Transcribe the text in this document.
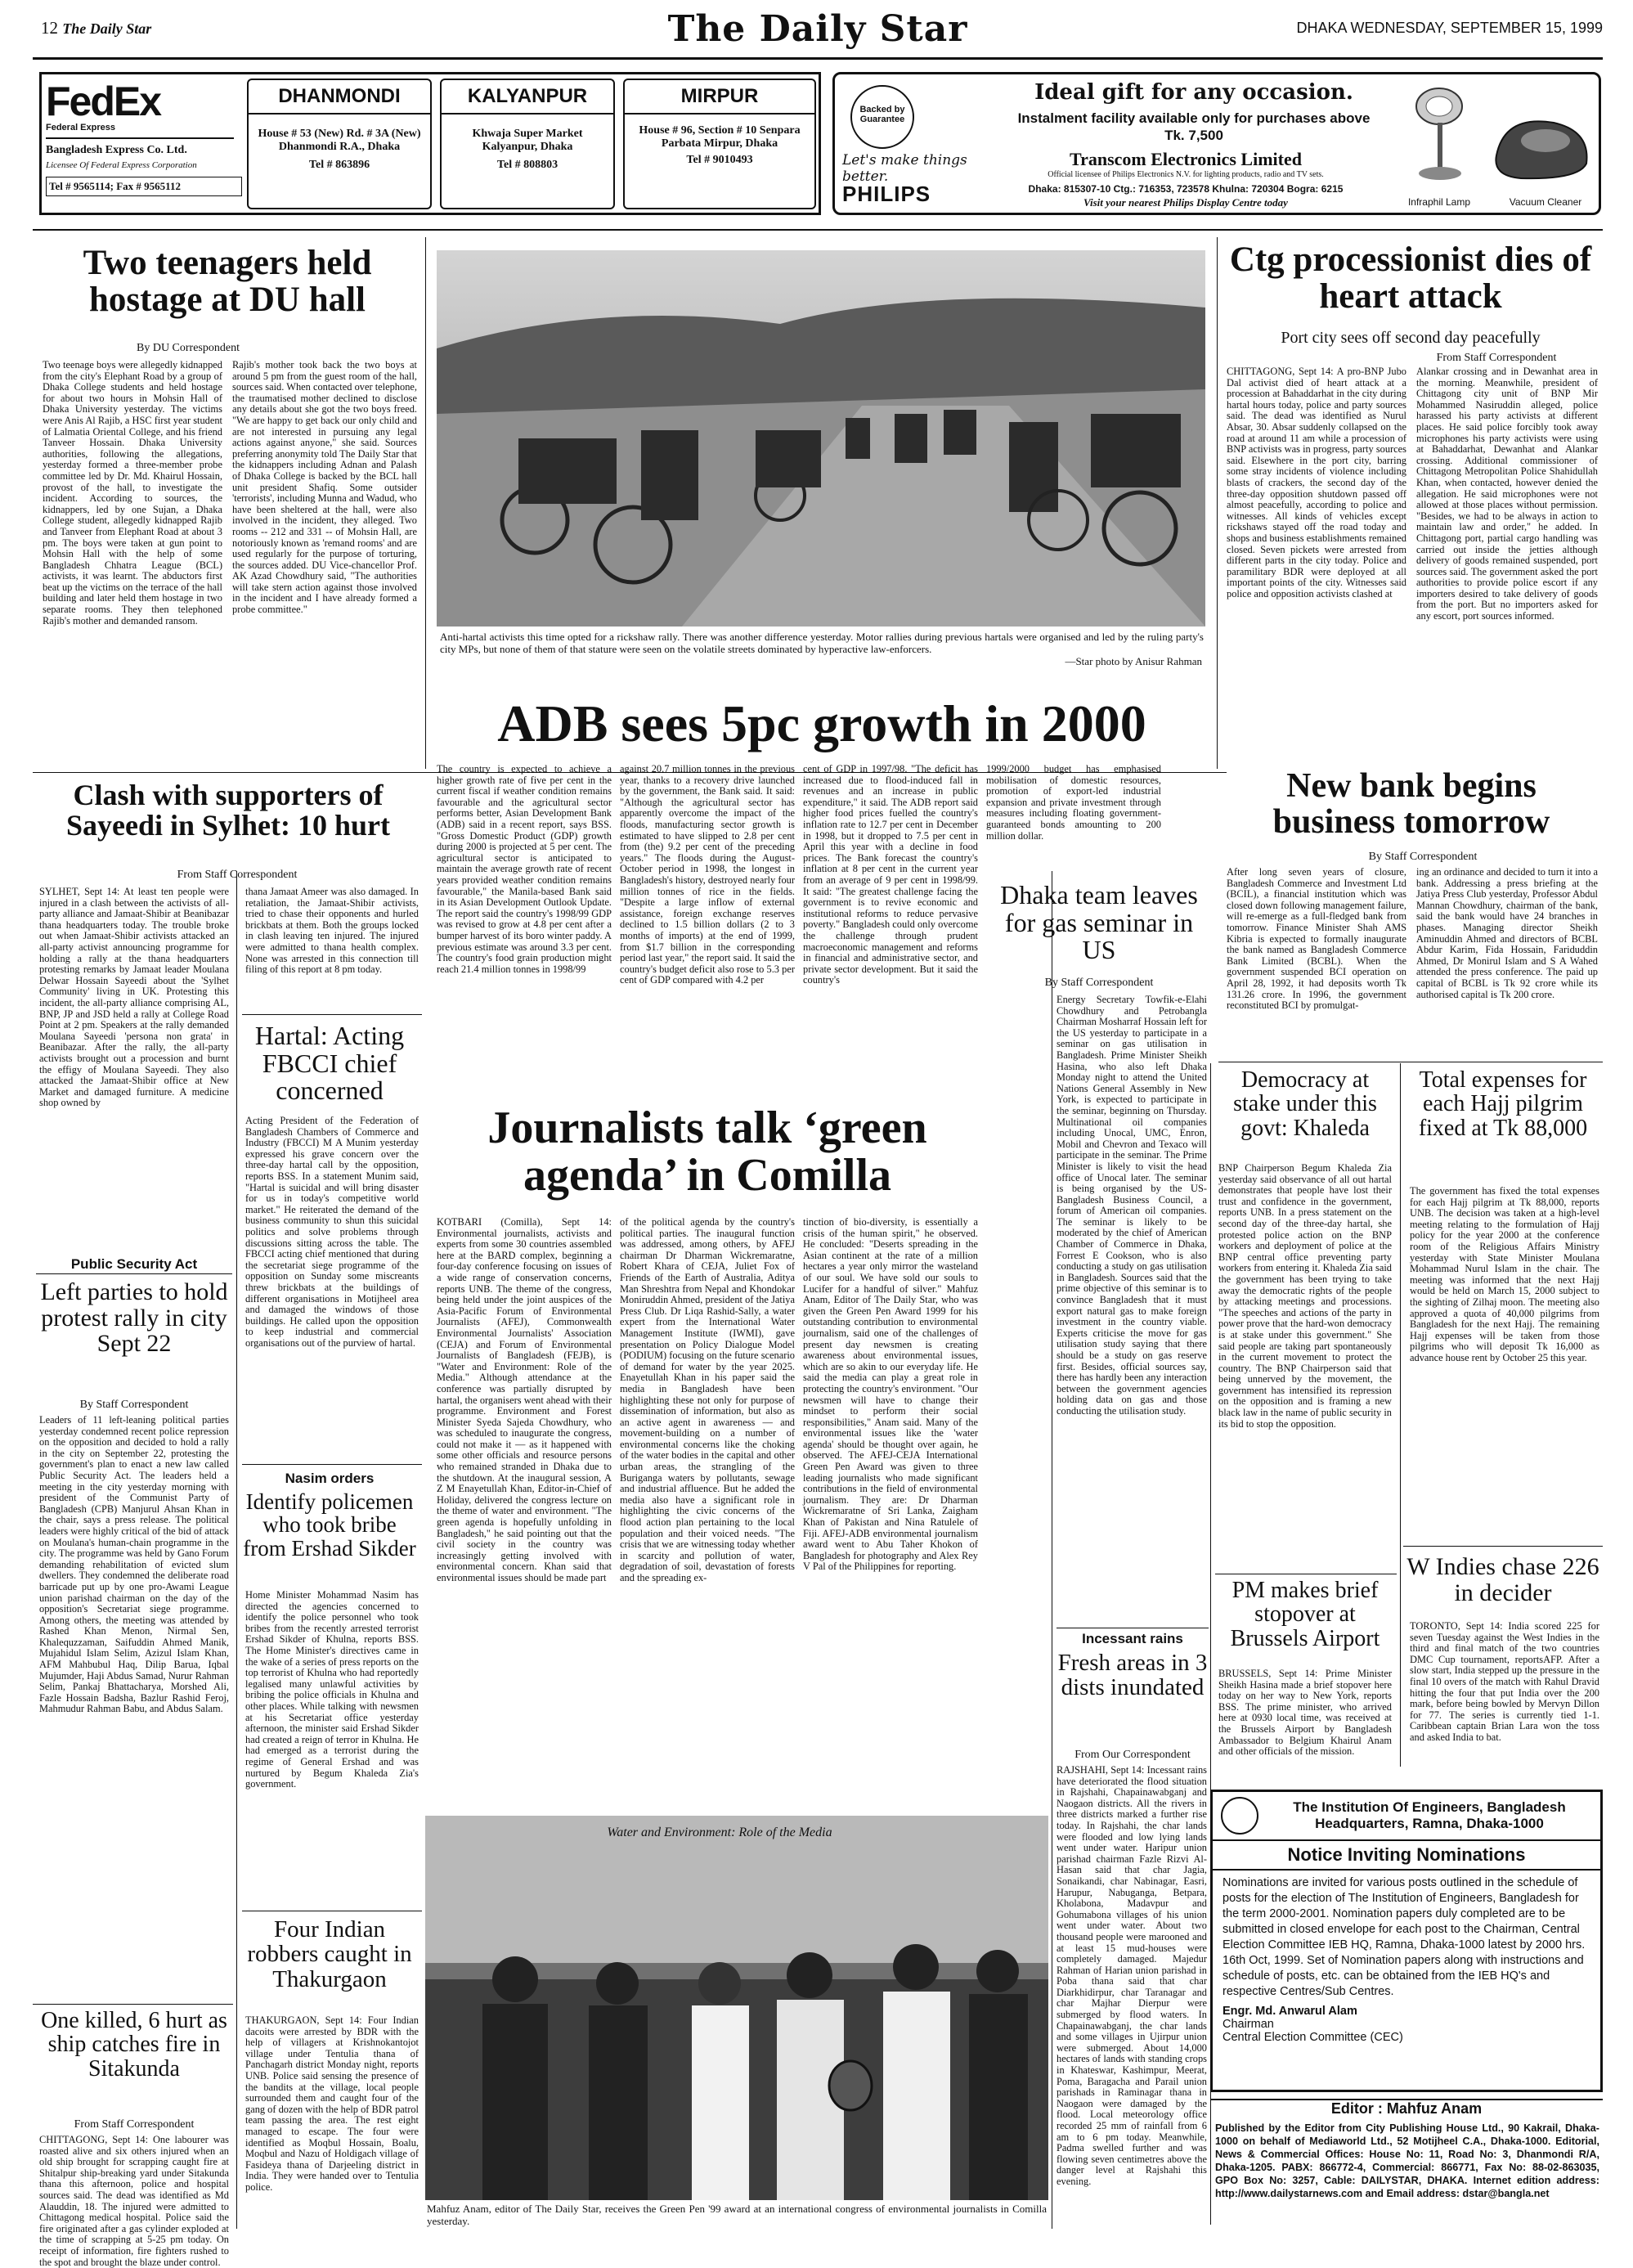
12 The Daily Star	The Daily Star	DHAKA WEDNESDAY, SEPTEMBER 15, 1999
FedEx
Federal Express
Bangladesh Express Co. Ltd.
Licensee Of Federal Express Corporation
Tel # 9565114; Fax # 9565112
DHANMONDI
House # 53 (New) Rd. # 3A (New) Dhanmondi R.A., Dhaka
Tel # 863896
KALYANPUR
Khwaja Super Market Kalyanpur, Dhaka
Tel # 808803
MIRPUR
House # 96, Section # 10 Senpara Parbata Mirpur, Dhaka
Tel # 9010493
Backed by Guarantee
Let's make things better.
PHILIPS
Ideal gift for any occasion.
Instalment facility available only for purchases above Tk. 7,500
Transcom Electronics Limited
Official licensee of Philips Electronics N.V. for lighting products, radio and TV sets.
Dhaka: 815307-10 Ctg.: 716353, 723578 Khulna: 720304 Bogra: 6215
Visit your nearest Philips Display Centre today	Infraphil Lamp	Vacuum Cleaner
Two teenagers held hostage at DU hall
By DU Correspondent
Two teenage boys were allegedly kidnapped from the city's Elephant Road by a group of Dhaka College students and held hostage for about two hours in Mohsin Hall of Dhaka University yesterday. The victims were Anis Al Rajib, a HSC first year student of Lalmatia Oriental College, and his friend Tanveer Hossain. Dhaka University authorities, following the allegations, yesterday formed a three-member probe committee led by Dr. Md. Khairul Hossain, provost of the hall, to investigate the incident. According to sources, the kidnappers, led by one Sujan, a Dhaka College student, allegedly kidnapped Rajib and Tanveer from Elephant Road at about 3 pm. The boys were taken at gun point to Mohsin Hall with the help of some Bangladesh Chhatra League (BCL) activists, it was learnt. The abductors first beat up the victims on the terrace of the hall building and later held them hostage in two separate rooms. They then telephoned Rajib's mother and demanded ransom.
Rajib's mother took back the two boys at around 5 pm from the guest room of the hall, sources said. When contacted over telephone, the traumatised mother declined to disclose any details about she got the two boys freed. "We are happy to get back our only child and are not interested in pursuing any legal actions against anyone," she said. Sources preferring anonymity told The Daily Star that the kidnappers including Adnan and Palash of Dhaka College is backed by the BCL hall unit president Shafiq. Some outsider 'terrorists', including Munna and Wadud, who have been sheltered at the hall, were also involved in the incident, they alleged. Two rooms -- 212 and 331 -- of Mohsin Hall, are notoriously known as 'remand rooms' and are used regularly for the purpose of torturing, the sources added. DU Vice-chancellor Prof. AK Azad Chowdhury said, "The authorities will take stern action against those involved in the incident and I have already formed a probe committee."
Anti-hartal activists this time opted for a rickshaw rally. There was another difference yesterday. Motor rallies during previous hartals were organised and led by the ruling party's city MPs, but none of them of that stature were seen on the volatile streets dominated by hyperactive law-enforcers.
—Star photo by Anisur Rahman
Ctg processionist dies of heart attack
Port city sees off second day peacefully
From Staff Correspondent
CHITTAGONG, Sept 14: A pro-BNP Jubo Dal activist died of heart attack at a procession at Bahaddarhat in the city during hartal hours today, police and party sources said. The dead was identified as Nurul Absar, 30. Absar suddenly collapsed on the road at around 11 am while a procession of BNP activists was in progress, party sources said. Elsewhere in the port city, barring some stray incidents of violence including blasts of crackers, the second day of the three-day opposition shutdown passed off almost peacefully, according to police and witnesses. All kinds of vehicles except rickshaws stayed off the road today and shops and business establishments remained closed. Seven pickets were arrested from different parts in the city today. Police and paramilitary BDR were deployed at all important points of the city. Witnesses said police and opposition activists clashed at
Alankar crossing and in Dewanhat area in the morning. Meanwhile, president of Chittagong city unit of BNP Mir Mohammed Nasiruddin alleged, police harassed his party activists at different places. He said police forcibly took away microphones his party activists were using at Bahaddarhat, Dewanhat and Alankar crossing. Additional commissioner of Chittagong Metropolitan Police Shahidullah Khan, when contacted, however denied the allegation. He said microphones were not allowed at those places without permission. "Besides, we had to be always in action to maintain law and order," he added. In Chittagong port, partial cargo handling was carried out inside the jetties although delivery of goods remained suspended, port sources said. The government asked the port authorities to provide police escort if any importers desired to take delivery of goods from the port. But no importers asked for any escort, port sources informed.
ADB sees 5pc growth in 2000
The country is expected to achieve a higher growth rate of five per cent in the current fiscal if weather condition remains favourable and the agricultural sector performs better, Asian Development Bank (ADB) said in a recent report, says BSS. "Gross Domestic Product (GDP) growth during 2000 is projected at 5 per cent. The agricultural sector is anticipated to maintain the average growth rate of recent years provided weather condition remains favourable," the Manila-based Bank said in its Asian Development Outlook Update. The report said the country's 1998/99 GDP was revised to grow at 4.8 per cent after a bumper harvest of its boro winter paddy. A previous estimate was around 3.3 per cent. The country's food grain production might reach 21.4 million tonnes in 1998/99
against 20.7 million tonnes in the previous year, thanks to a recovery drive launched by the government, the Bank said. It said: "Although the agricultural sector has apparently overcome the impact of the floods, manufacturing sector growth is estimated to have slipped to 2.8 per cent from (the) 9.2 per cent of the preceding years." The floods during the August-October period in 1998, the longest in Bangladesh's history, destroyed nearly four million tonnes of rice in the fields. "Despite a large inflow of external assistance, foreign exchange reserves declined to 1.5 billion dollars (2 to 3 months of imports) at the end of 1999, from $1.7 billion in the corresponding period last year," the report said. It said the country's budget deficit also rose to 5.3 per cent of GDP compared with 4.2 per
cent of GDP in 1997/98. "The deficit has increased due to flood-induced fall in revenues and an increase in public expenditure," it said. The ADB report said higher food prices fuelled the country's inflation rate to 12.7 per cent in December in 1998, but it dropped to 7.5 per cent in April this year with a decline in food prices. The Bank forecast the country's inflation at 8 per cent in the current year from an average of 9 per cent in 1998/99. It said: "The greatest challenge facing the government is to revive economic and institutional reforms to reduce pervasive poverty." Bangladesh could only overcome the challenge through prudent macroeconomic management and reforms in financial and administrative sector, and private sector development. But it said the country's
1999/2000 budget has emphasised mobilisation of domestic resources, promotion of export-led industrial expansion and private investment through measures including floating government-guaranteed bonds amounting to 200 million dollar.
Dhaka team leaves for gas seminar in US
By Staff Correspondent
Energy Secretary Towfik-e-Elahi Chowdhury and Petrobangla Chairman Mosharraf Hossain left for the US yesterday to participate in a seminar on gas utilisation in Bangladesh. Prime Minister Sheikh Hasina, who also left Dhaka Monday night to attend the United Nations General Assembly in New York, is expected to participate in the seminar, beginning on Thursday. Multinational oil companies including Unocal, UMC, Enron, Mobil and Chevron and Texaco will participate in the seminar. The Prime Minister is likely to visit the head office of Unocal later. The seminar is being organised by the US-Bangladesh Business Council, a forum of American oil companies. The seminar is likely to be moderated by the chief of American Chamber of Commerce in Dhaka, Forrest E Cookson, who is also conducting a study on gas utilisation in Bangladesh. Sources said that the prime objective of this seminar is to convince Bangladesh that it must export natural gas to make foreign investment in the country viable. Experts criticise the move for gas utilisation study saying that there should be a study on gas reserve first. Besides, official sources say, there has hardly been any interaction between the government agencies holding data on gas and those conducting the utilisation study.
New bank begins business tomorrow
By Staff Correspondent
After long seven years of closure, Bangladesh Commerce and Investment Ltd (BCIL), a financial institution which was closed down following management failure, will re-emerge as a full-fledged bank from tomorrow. Finance Minister Shah AMS Kibria is expected to formally inaugurate the bank named as Bangladesh Commerce Bank Limited (BCBL). When the government suspended BCI operation on April 28, 1992, it had deposits worth Tk 131.26 crore. In 1996, the government reconstituted BCI by promulgat-
ing an ordinance and decided to turn it into a bank. Addressing a press briefing at the Jatiya Press Club yesterday, Professor Abdul Mannan Chowdhury, chairman of the bank, said the bank would have 24 branches in phases. Managing director Sheikh Aminuddin Ahmed and directors of BCBL Abdur Karim, Fida Hossain, Fariduddin Ahmed, Dr Monirul Islam and S A Wahed attended the press conference. The paid up capital of BCBL is Tk 92 crore while its authorised capital is Tk 200 crore.
Clash with supporters of Sayeedi in Sylhet: 10 hurt
From Staff Correspondent
SYLHET, Sept 14: At least ten people were injured in a clash between the activists of all-party alliance and Jamaat-Shibir at Beanibazar thana headquarters today. The trouble broke out when Jamaat-Shibir activists attacked an all-party activist announcing programme for holding a rally at the thana headquarters protesting remarks by Jamaat leader Moulana Delwar Hossain Sayeedi about the 'Sylhet Community' living in UK. Protesting this incident, the all-party alliance comprising AL, BNP, JP and JSD held a rally at College Road Point at 2 pm. Speakers at the rally demanded Moulana Sayeedi 'persona non grata' in Beanibazar. After the rally, the all-party activists brought out a procession and burnt the effigy of Moulana Sayeedi. They also attacked the Jamaat-Shibir office at New Market and damaged furniture. A medicine shop owned by
thana Jamaat Ameer was also damaged. In retaliation, the Jamaat-Shibir activists, tried to chase their opponents and hurled brickbats at them. Both the groups locked in clash leaving ten injured. The injured were admitted to thana health complex. None was arrested in this connection till filing of this report at 8 pm today.
Hartal: Acting FBCCI chief concerned
Acting President of the Federation of Bangladesh Chambers of Commerce and Industry (FBCCI) M A Munim yesterday expressed his grave concern over the three-day hartal call by the opposition, reports BSS. In a statement Munim said, "Hartal is suicidal and will bring disaster for us in today's competitive world market." He reiterated the demand of the business community to shun this suicidal politics and solve problems through discussions sitting across the table. The FBCCI acting chief mentioned that during the secretariat siege programme of the opposition on Sunday some miscreants threw brickbats at the buildings of different organisations in Motijheel area and damaged the windows of those buildings. He called upon the opposition to keep industrial and commercial organisations out of the purview of hartal.
Public Security Act
Left parties to hold protest rally in city Sept 22
By Staff Correspondent
Leaders of 11 left-leaning political parties yesterday condemned recent police repression on the opposition and decided to hold a rally in the city on September 22, protesting the government's plan to enact a new law called Public Security Act. The leaders held a meeting in the city yesterday morning with president of the Communist Party of Bangladesh (CPB) Manjurul Ahsan Khan in the chair, says a press release. The political leaders were highly critical of the bid of attack on Moulana's human-chain programme in the city. The programme was held by Gano Forum demanding rehabilitation of evicted slum dwellers. They condemned the deliberate road barricade put up by one pro-Awami League union parishad chairman on the day of the opposition's Secretariat siege programme. Among others, the meeting was attended by Rashed Khan Menon, Nirmal Sen, Khalequzzaman, Saifuddin Ahmed Manik, Mujahidul Islam Selim, Azizul Islam Khan, AFM Mahbubul Haq, Dilip Barua, Iqbal Mujumder, Haji Abdus Samad, Nurur Rahman Selim, Pankaj Bhattacharya, Morshed Ali, Fazle Hossain Badsha, Bazlur Rashid Feroj, Mahmudur Rahman Babu, and Abdus Salam.
Nasim orders
Identify policemen who took bribe from Ershad Sikder
Home Minister Mohammad Nasim has directed the agencies concerned to identify the police personnel who took bribes from the recently arrested terrorist Ershad Sikder of Khulna, reports BSS. The Home Minister's directives came in the wake of a series of press reports on the top terrorist of Khulna who had reportedly legalised many unlawful activities by bribing the police officials in Khulna and other places. While talking with newsmen at his Secretariat office yesterday afternoon, the minister said Ershad Sikder had created a reign of terror in Khulna. He had emerged as a terrorist during the regime of General Ershad and was nurtured by Begum Khaleda Zia's government.
One killed, 6 hurt as ship catches fire in Sitakunda
From Staff Correspondent
CHITTAGONG, Sept 14: One labourer was roasted alive and six others injured when an old ship brought for scrapping caught fire at Shitalpur ship-breaking yard under Sitakunda thana this afternoon, police and hospital sources said. The dead was identified as Md Alauddin, 18. The injured were admitted to Chittagong medical hospital. Police said the fire originated after a gas cylinder exploded at the time of scrapping at 5-25 pm today. On receipt of information, fire fighters rushed to the spot and brought the blaze under control.
Four Indian robbers caught in Thakurgaon
THAKURGAON, Sept 14: Four Indian dacoits were arrested by BDR with the help of villagers at Krishnokantojot village under Tentulia thana of Panchagarh district Monday night, reports UNB. Police said sensing the presence of the bandits at the village, local people surrounded them and caught four of the gang of dozen with the help of BDR patrol team passing the area. The rest eight managed to escape. The four were identified as Moqbul Hossain, Boalu, Moqbul and Nazu of Holdigach village of Fasideya thana of Darjeeling district in India. They were handed over to Tentulia police.
Journalists talk ‘green agenda’ in Comilla
KOTBARI (Comilla), Sept 14: Environmental journalists, activists and experts from some 30 countries assembled here at the BARD complex, beginning a four-day conference focusing on issues of a wide range of conservation concerns, reports UNB. The theme of the congress, being held under the joint auspices of the Asia-Pacific Forum of Environmental Journalists (AFEJ), Commonwealth Environmental Journalists' Association (CEJA) and Forum of Environmental Journalists of Bangladesh (FEJB), is "Water and Environment: Role of the Media." Although attendance at the conference was partially disrupted by hartal, the organisers went ahead with their programme. Environment and Forest Minister Syeda Sajeda Chowdhury, who was scheduled to inaugurate the congress, could not make it — as it happened with some other officials and resource persons who remained stranded in Dhaka due to the shutdown. At the inaugural session, A Z M Enayetullah Khan, Editor-in-Chief of Holiday, delivered the congress lecture on the theme of water and environment. "The green agenda is hopefully unfolding in Bangladesh," he said pointing out that the civil society in the country was increasingly getting involved with environmental concern. Khan said that environmental issues should be made part
of the political agenda by the country's political parties. The inaugural function was addressed, among others, by AFEJ chairman Dr Dharman Wickremaratne, Robert Khara of CEJA, Juliet Fox of Friends of the Earth of Australia, Aditya Man Shreshtra from Nepal and Khondokar Moniruddin Ahmed, president of the Jatiya Press Club. Dr Liqa Rashid-Sally, a water expert from the International Water Management Institute (IWMI), gave presentation on Policy Dialogue Model (PODIUM) focusing on the future scenario of demand for water by the year 2025. Enayetullah Khan in his paper said the media in Bangladesh have been highlighting these not only for purpose of dissemination of information, but also as an active agent in awareness — and movement-building on a number of environmental concerns like the choking of the water bodies in the capital and other urban areas, the strangling of the Buriganga waters by pollutants, sewage and industrial affluence. But he added the media also have a significant role in highlighting the civic concerns of the flood action plan pertaining to the local population and their voiced needs. "The crisis that we are witnessing today whether in scarcity and pollution of water, degradation of soil, devastation of forests and the spreading ex-
tinction of bio-diversity, is essentially a crisis of the human spirit," he observed. He concluded: "Deserts spreading in the Asian continent at the rate of a million hectares a year only mirror the wasteland of our soul. We have sold our souls to Lucifer for a handful of silver." Mahfuz Anam, Editor of The Daily Star, who was given the Green Pen Award 1999 for his outstanding contribution to environmental journalism, said one of the challenges of present day newsmen is creating awareness about environmental issues, which are so akin to our everyday life. He said the media can play a great role in protecting the country's environment. "Our newsmen will have to change their mindset to perform their social responsibilities," Anam said. Many of the environmental issues like the 'water agenda' should be thought over again, he observed. The AFEJ-CEJA International Green Pen Award was given to three leading journalists who made significant contributions in the field of environmental journalism. They are: Dr Dharman Wickremaratne of Sri Lanka, Zaigham Khan of Pakistan and Nina Ratulele of Fiji. AFEJ-ADB environmental journalism award went to Abu Taher Khokon of Bangladesh for photography and Alex Rey V Pal of the Philippines for reporting.
Water and Environment: Role of the Media
Mahfuz Anam, editor of The Daily Star, receives the Green Pen '99 award at an international congress of environmental journalists in Comilla yesterday.
Incessant rains
Fresh areas in 3 dists inundated
From Our Correspondent
RAJSHAHI, Sept 14: Incessant rains have deteriorated the flood situation in Rajshahi, Chapainawabganj and Naogaon districts. All the rivers in three districts marked a further rise today. In Rajshahi, the char lands were flooded and low lying lands went under water. Haripur union parishad chairman Fazle Rizvi Al-Hasan said that char Jagia, Sonaikandi, char Nabinagar, Easri, Harupur, Nabuganga, Betpara, Kholabona, Madavpur and Gohumabona villages of his union went under water. About two thousand people were marooned and at least 15 mud-houses were completely damaged. Majedur Rahman of Harian union parishad in Poba thana said that char Diarkhidirpur, char Taranagar and char Majhar Dierpur were submerged by flood waters. In Chapainawabganj, the char lands and some villages in Ujirpur union were submerged. About 14,000 hectares of lands with standing crops in Khateswar, Kashimpur, Meerat, Poma, Baragacha and Parail union parishads in Raminagar thana in Naogaon were damaged by the flood. Local meteorology office recorded 25 mm of rainfall from 6 am to 6 pm today. Meanwhile, Padma swelled further and was flowing seven centimetres above the danger level at Rajshahi this evening.
Democracy at stake under this govt: Khaleda
BNP Chairperson Begum Khaleda Zia yesterday said observance of all out hartal demonstrates that people have lost their trust and confidence in the government, reports UNB. In a press statement on the second day of the three-day hartal, she protested police action on the BNP workers and deployment of police at the BNP central office preventing party workers from entering it. Khaleda Zia said the government has been trying to take away the democratic rights of the people by attacking meetings and processions. "The speeches and actions of the party in power prove that the hard-won democracy is at stake under this government." She said people are taking part spontaneously in the current movement to protect the country. The BNP Chairperson said that being unnerved by the movement, the government has intensified its repression on the opposition and is framing a new black law in the name of public security in its bid to stop the opposition.
PM makes brief stopover at Brussels Airport
BRUSSELS, Sept 14: Prime Minister Sheikh Hasina made a brief stopover here today on her way to New York, reports BSS. The prime minister, who arrived here at 0930 local time, was received at the Brussels Airport by Bangladesh Ambassador to Belgium Khairul Anam and other officials of the mission.
Total expenses for each Hajj pilgrim fixed at Tk 88,000
The government has fixed the total expenses for each Hajj pilgrim at Tk 88,000, reports UNB. The decision was taken at a high-level meeting relating to the formulation of Hajj policy for the year 2000 at the conference room of the Religious Affairs Ministry yesterday with State Minister Moulana Mohammad Nurul Islam in the chair. The meeting was informed that the next Hajj would be held on March 15, 2000 subject to the sighting of Zilhaj moon. The meeting also approved a quota of 40,000 pilgrims from Bangladesh for the next Hajj. The remaining Hajj expenses will be taken from those pilgrims who will deposit Tk 16,000 as advance house rent by October 25 this year.
W Indies chase 226 in decider
TORONTO, Sept 14: India scored 225 for seven Tuesday against the West Indies in the third and final match of the two countries DMC Cup tournament, reportsAFP. After a slow start, India stepped up the pressure in the final 10 overs of the match with Rahul Dravid hitting the four that put India over the 200 mark, before being bowled by Mervyn Dillon for 77. The series is currently tied 1-1. Caribbean captain Brian Lara won the toss and asked India to bat.
The Institution Of Engineers, Bangladesh
Headquarters, Ramna, Dhaka-1000
Notice Inviting Nominations
Nominations are invited for various posts outlined in the schedule of posts for the election of The Institution of Engineers, Bangladesh for the term 2000-2001. Nomination papers duly completed are to be submitted in closed envelope for each post to the Chairman, Central Election Committee IEB HQ, Ramna, Dhaka-1000 latest by 2000 hrs. 16th Oct, 1999. Set of Nomination papers along with instructions and schedule of posts, etc. can be obtained from the IEB HQ's and respective Centres/Sub Centres.
Engr. Md. Anwarul Alam
Chairman
Central Election Committee (CEC)
Editor : Mahfuz Anam
Published by the Editor from City Publishing House Ltd., 90 Kakrail, Dhaka-1000 on behalf of Mediaworld Ltd., 52 Motijheel C.A., Dhaka-1000. Editorial, News & Commercial Offices: House No: 11, Road No: 3, Dhanmondi R/A, Dhaka-1205. PABX: 866772-4, Commercial: 866771, Fax No: 88-02-863035, GPO Box No: 3257, Cable: DAILYSTAR, DHAKA. Internet edition address: http://www.dailystarnews.com and Email address: dstar@bangla.net
